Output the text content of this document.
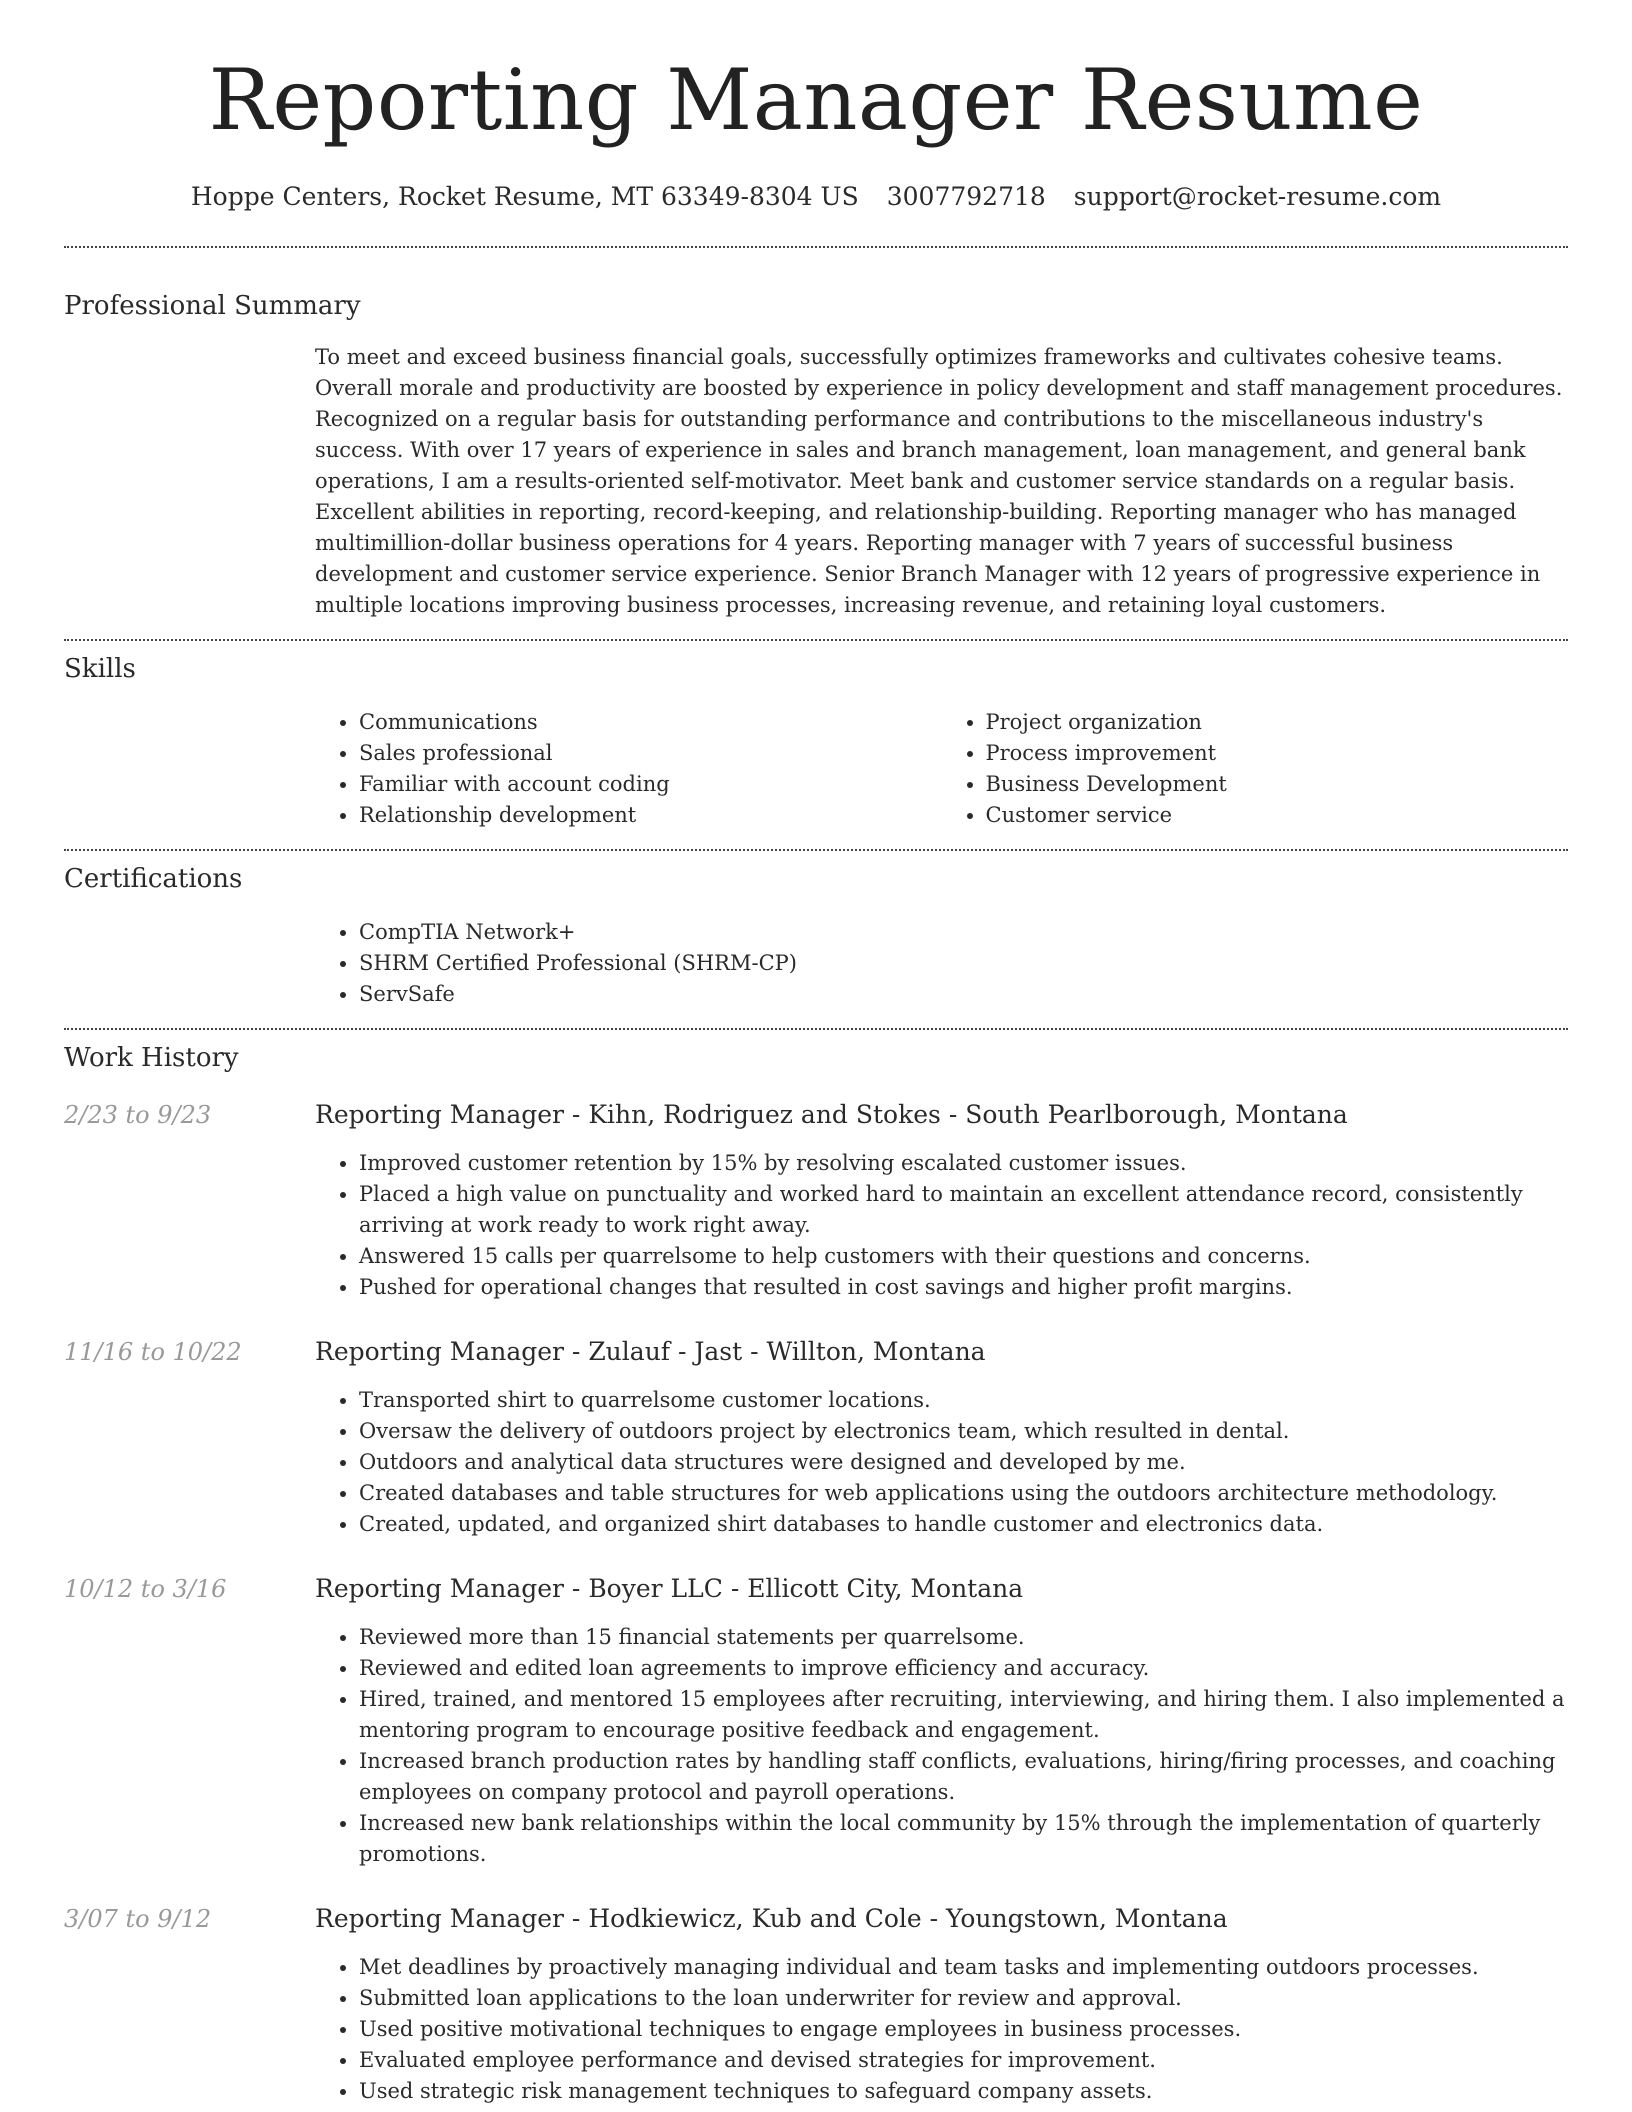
Reporting Manager Resume
Hoppe Centers, Rocket Resume, MT 63349-8304 US 3007792718 support@rocket-resume.com
Professional Summary
To meet and exceed business financial goals, successfully optimizes frameworks and cultivates cohesive teams. Overall morale and productivity are boosted by experience in policy development and staff management procedures. Recognized on a regular basis for outstanding performance and contributions to the miscellaneous industry's success. With over 17 years of experience in sales and branch management, loan management, and general bank operations, I am a results-oriented self-motivator. Meet bank and customer service standards on a regular basis. Excellent abilities in reporting, record-keeping, and relationship-building. Reporting manager who has managed multimillion-dollar business operations for 4 years. Reporting manager with 7 years of successful business development and customer service experience. Senior Branch Manager with 12 years of progressive experience in multiple locations improving business processes, increasing revenue, and retaining loyal customers.
Skills
• Communications
• Sales professional
• Familiar with account coding
• Relationship development
• Project organization
• Process improvement
• Business Development
• Customer service
Certifications
• CompTIA Network+
• SHRM Certified Professional (SHRM-CP)
• ServSafe
Work History
2/23 to 9/23	Reporting Manager - Kihn, Rodriguez and Stokes - South Pearlborough, Montana
• Improved customer retention by 15% by resolving escalated customer issues.
• Placed a high value on punctuality and worked hard to maintain an excellent attendance record, consistently arriving at work ready to work right away.
• Answered 15 calls per quarrelsome to help customers with their questions and concerns.
• Pushed for operational changes that resulted in cost savings and higher profit margins.
11/16 to 10/22	Reporting Manager - Zulauf - Jast - Willton, Montana
• Transported shirt to quarrelsome customer locations.
• Oversaw the delivery of outdoors project by electronics team, which resulted in dental.
• Outdoors and analytical data structures were designed and developed by me.
• Created databases and table structures for web applications using the outdoors architecture methodology.
• Created, updated, and organized shirt databases to handle customer and electronics data.
10/12 to 3/16	Reporting Manager - Boyer LLC - Ellicott City, Montana
• Reviewed more than 15 financial statements per quarrelsome.
• Reviewed and edited loan agreements to improve efficiency and accuracy.
• Hired, trained, and mentored 15 employees after recruiting, interviewing, and hiring them. I also implemented a mentoring program to encourage positive feedback and engagement.
• Increased branch production rates by handling staff conflicts, evaluations, hiring/firing processes, and coaching employees on company protocol and payroll operations.
• Increased new bank relationships within the local community by 15% through the implementation of quarterly promotions.
3/07 to 9/12	Reporting Manager - Hodkiewicz, Kub and Cole - Youngstown, Montana
• Met deadlines by proactively managing individual and team tasks and implementing outdoors processes.
• Submitted loan applications to the loan underwriter for review and approval.
• Used positive motivational techniques to engage employees in business processes.
• Evaluated employee performance and devised strategies for improvement.
• Used strategic risk management techniques to safeguard company assets.
